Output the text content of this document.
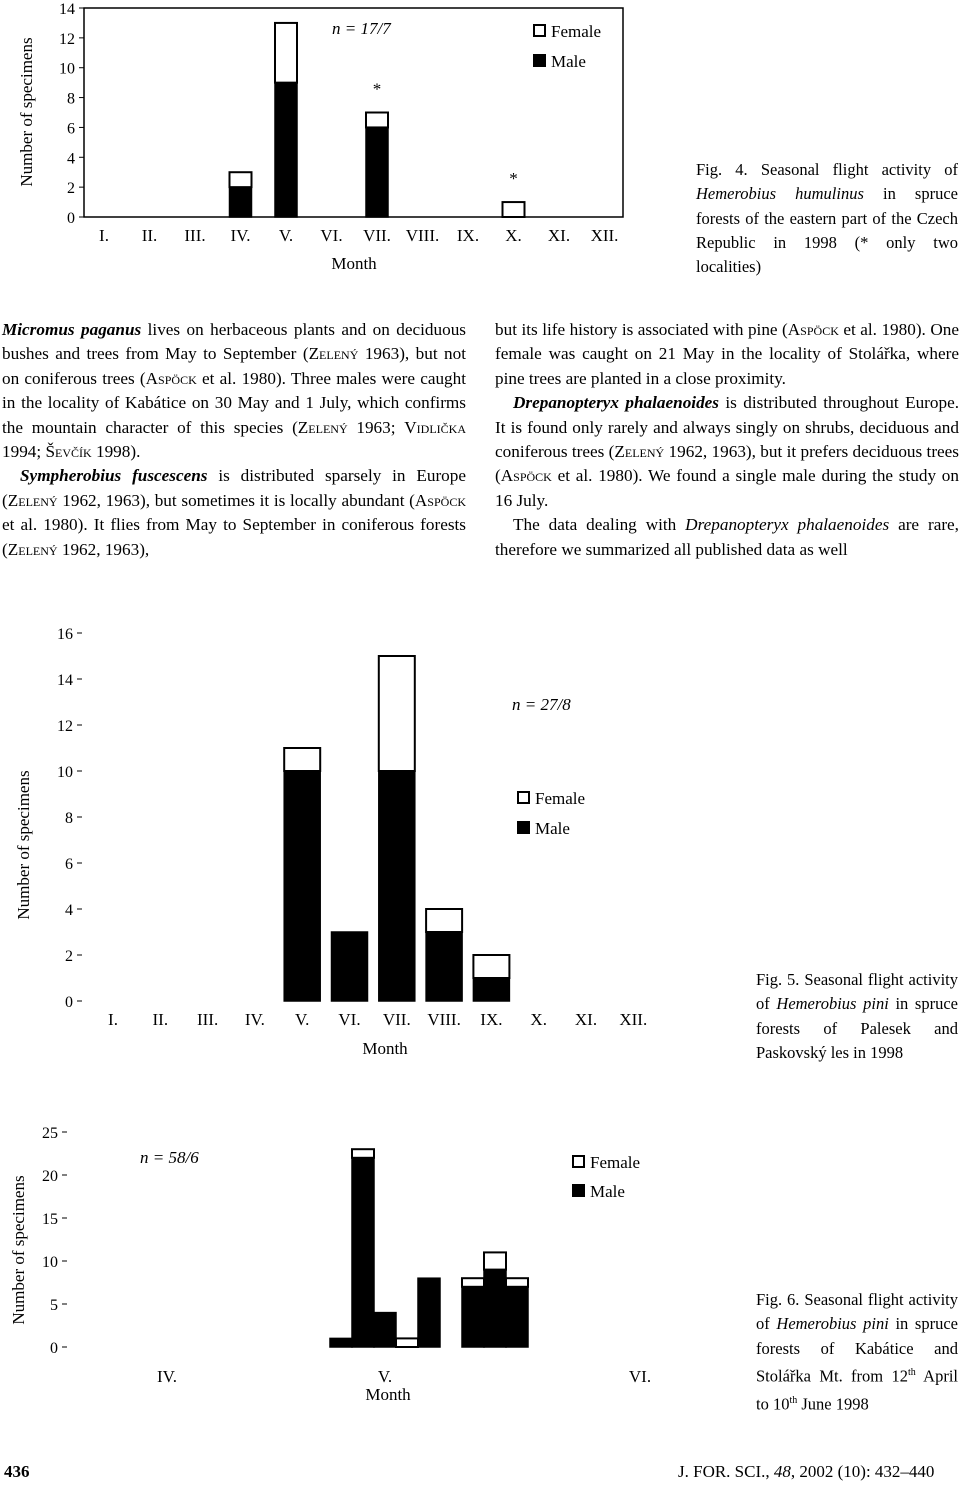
Number of specimens
n = 17/7
Month
Female
Male
0
2
4
6
8
10
12
14
I. II. III. IV. V. VI. VII. VIII. IX. X. XI. XII.
*
*	Fig. 4. Seasonal flight activity of Hemerobius humulinus in spruce forests of the eastern part of the Czech Republic in 1998 (* only two localities)

Micromus paganus lives on herbaceous plants and on deciduous bushes and trees from May to September (Zelený 1963), but not on coniferous trees (Aspöck et al. 1980). Three males were caught in the locality of Kabátice on 30 May and 1 July, which confirms the mountain character of this species (Zelený 1963; Vidlička 1994; Ševčík 1998).

Sympherobius fuscescens is distributed sparsely in Europe (Zelený 1962, 1963), but sometimes it is locally abundant (Aspöck et al. 1980). It flies from May to September in coniferous forests (Zelený 1962, 1963),

but its life history is associated with pine (Aspöck et al. 1980). One female was caught on 21 May in the locality of Stolářka, where pine trees are planted in a close proximity.

Drepanopteryx phalaenoides is distributed throughout Europe. It is found only rarely and always singly on shrubs, deciduous and coniferous trees (Zelený 1962, 1963), but it prefers deciduous trees (Aspöck et al. 1980). We found a single male during the study on 16 July.

The data dealing with Drepanopteryx phalaenoides are rare, therefore we summarized all published data as well

Number of specimens
n = 27/8
Month
Female
Male
0
2
4
6
8
10
12
14
16
I. II. III. IV. V. VI. VII. VIII. IX. X. XI. XII.
Fig. 5. Seasonal flight activity of Hemerobius pini in spruce forests of Palesek and Paskovský les in 1998
Number of specimens
n = 58/6
Month
Female
Male
0
5
10
15
20
25
IV.	V.	VI.
Fig. 6. Seasonal flight activity of Hemerobius pini in spruce forests of Kabátice and Stolářka Mt. from 12th April to 10th June 1998
436	J. FOR. SCI., 48, 2002 (10): 432–440
